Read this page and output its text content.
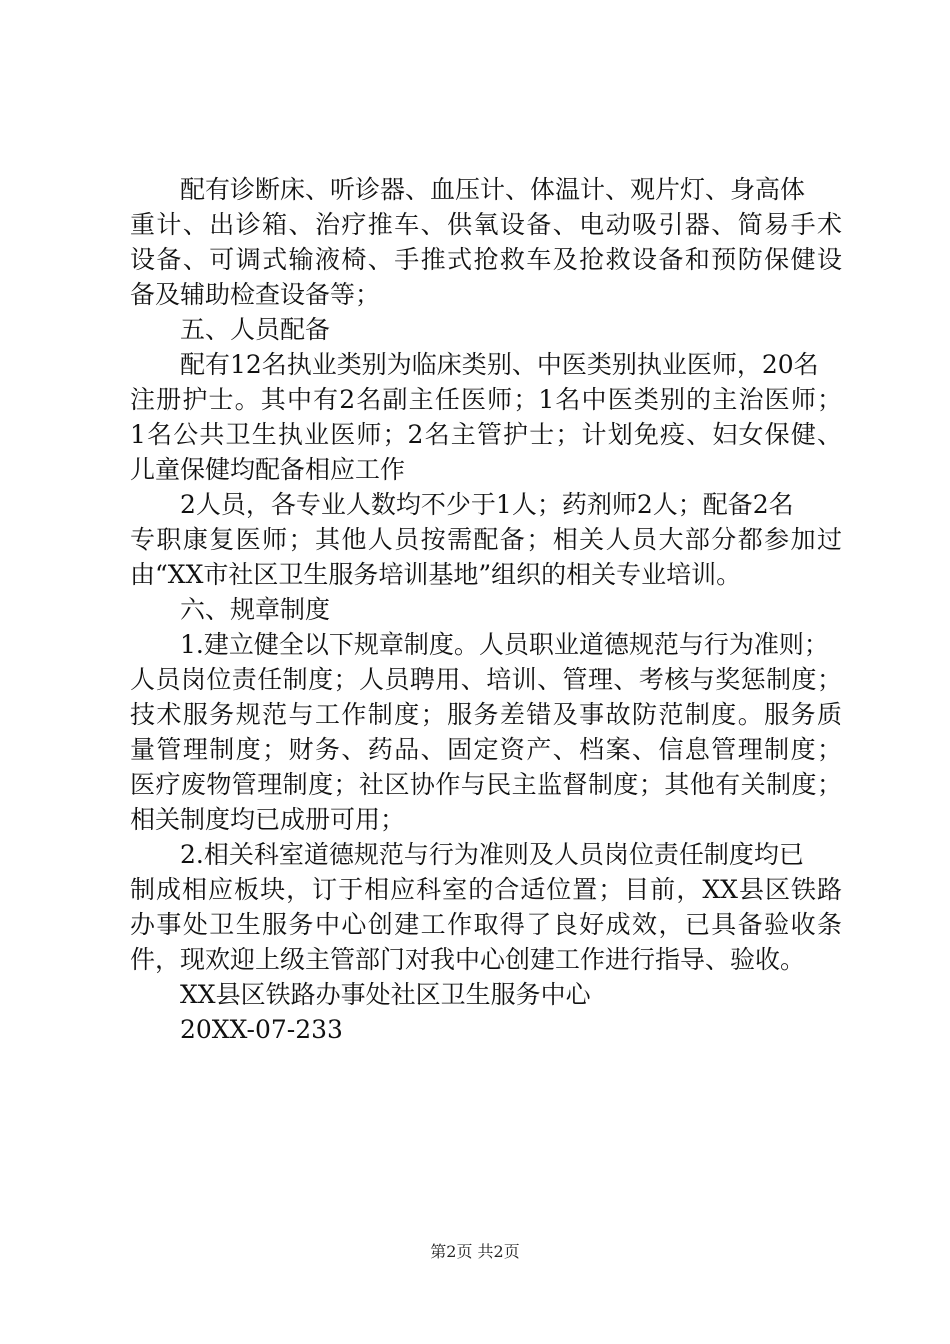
配有诊断床、听诊器、血压计、体温计、观片灯、身高体
重计、出诊箱、治疗推车、供氧设备、电动吸引器、简易手术
设备、可调式输液椅、手推式抢救车及抢救设备和预防保健设
备及辅助检查设备等；
五、人员配备
配有12名执业类别为临床类别、中医类别执业医师，20名
注册护士。其中有2名副主任医师；1名中医类别的主治医师；
1名公共卫生执业医师；2名主管护士；计划免疫、妇女保健、
儿童保健均配备相应工作
2人员，各专业人数均不少于1人；药剂师2人；配备2名
专职康复医师；其他人员按需配备；相关人员大部分都参加过
由“XX市社区卫生服务培训基地”组织的相关专业培训。
六、规章制度
1.建立健全以下规章制度。人员职业道德规范与行为准则；
人员岗位责任制度；人员聘用、培训、管理、考核与奖惩制度；
技术服务规范与工作制度；服务差错及事故防范制度。服务质
量管理制度；财务、药品、固定资产、档案、信息管理制度；
医疗废物管理制度；社区协作与民主监督制度；其他有关制度；
相关制度均已成册可用；
2.相关科室道德规范与行为准则及人员岗位责任制度均已
制成相应板块，订于相应科室的合适位置；目前，XX县区铁路
办事处卫生服务中心创建工作取得了良好成效，已具备验收条
件，现欢迎上级主管部门对我中心创建工作进行指导、验收。
XX县区铁路办事处社区卫生服务中心
20XX-07-233
第2页 共2页
